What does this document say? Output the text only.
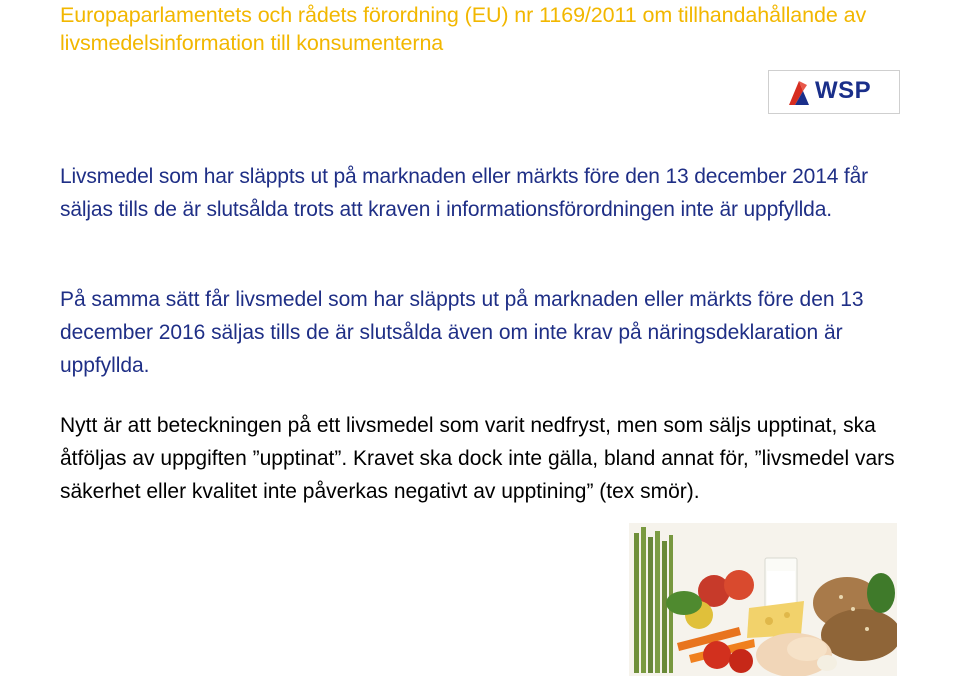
Europaparlamentets och rådets förordning (EU) nr 1169/2011 om tillhandahållande av livsmedelsinformation till konsumenterna
WSP

Livsmedel som har släppts ut på marknaden eller märkts före den 13 december 2014 får säljas tills de är slutsålda trots att kraven i informationsförordningen inte är uppfyllda.

På samma sätt får livsmedel som har släppts ut på marknaden eller märkts före den 13 december 2016 säljas tills de är slutsålda även om inte krav på näringsdeklaration är uppfyllda.

Nytt är att beteckningen på ett livsmedel som varit nedfryst, men som säljs upptinat, ska åtföljas av uppgiften ”upptinat”. Kravet ska dock inte gälla, bland annat för, ”livsmedel vars säkerhet eller kvalitet inte påverkas negativt av upptining” (tex smör).
